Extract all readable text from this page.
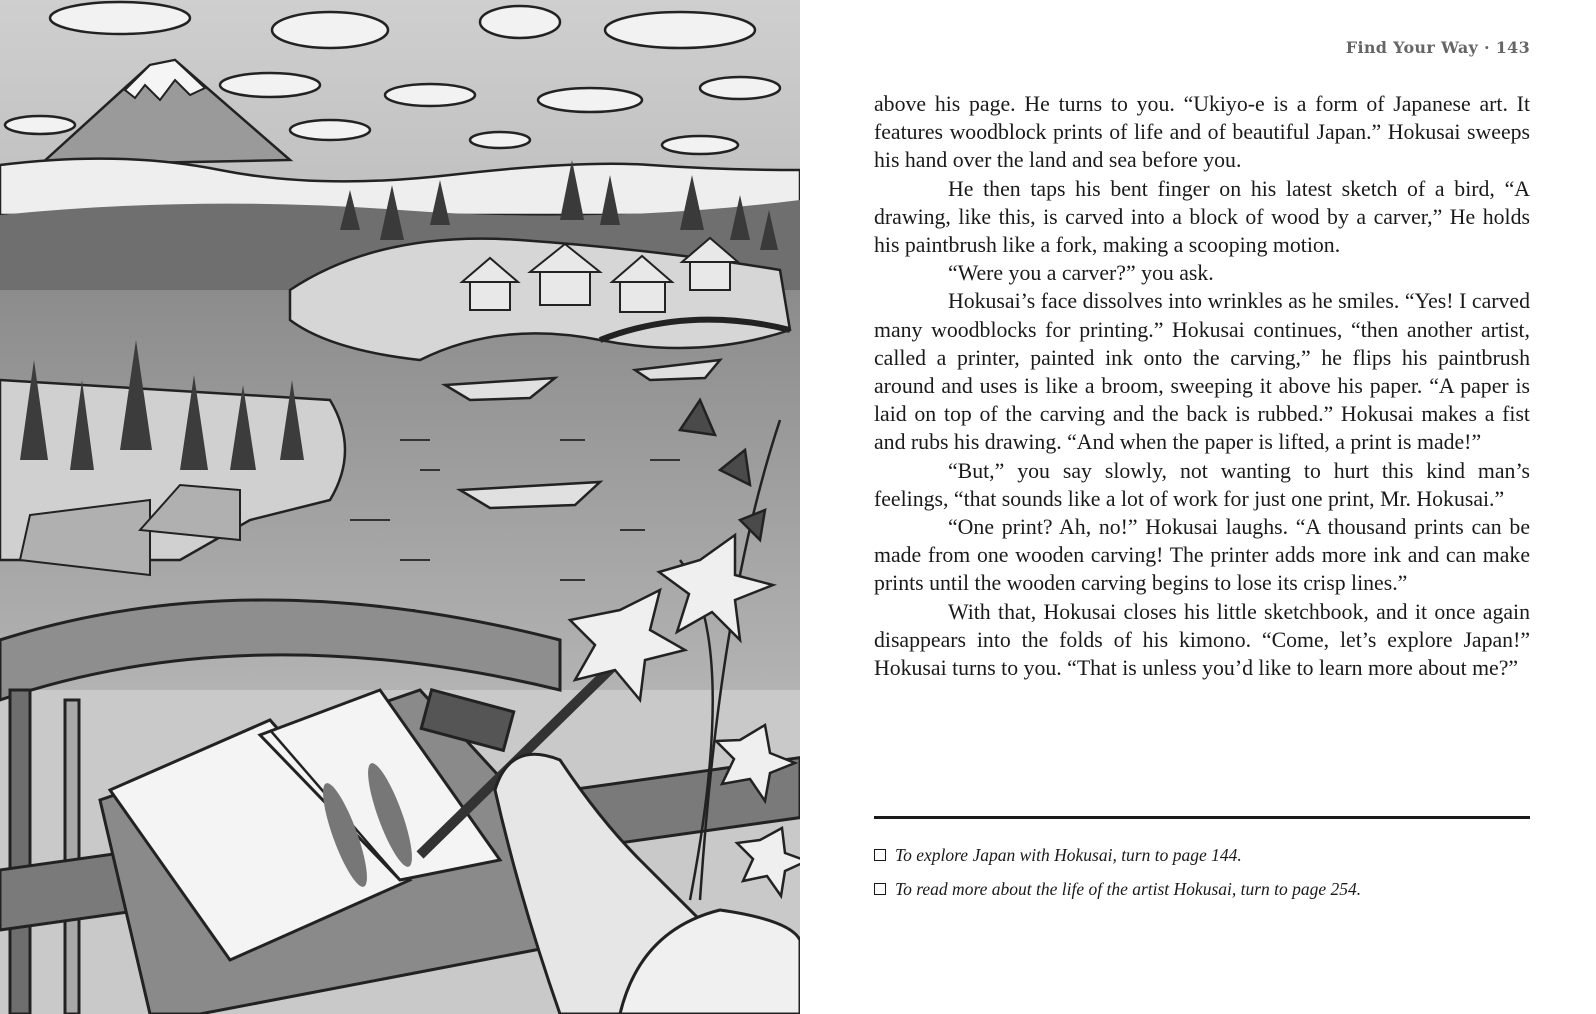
Find Your Way · 143

above his page. He turns to you. “Ukiyo-e is a form of Japanese art. It features woodblock prints of life and of beautiful Japan.” Hokusai sweeps his hand over the land and sea before you.

He then taps his bent finger on his latest sketch of a bird, “A drawing, like this, is carved into a block of wood by a carver,” He holds his paintbrush like a fork, making a scooping motion.

“Were you a carver?” you ask.

Hokusai’s face dissolves into wrinkles as he smiles. “Yes! I carved many woodblocks for printing.” Hokusai continues, “then another artist, called a printer, painted ink onto the carving,” he flips his paintbrush around and uses is like a broom, sweeping it above his paper. “A paper is laid on top of the carving and the back is rubbed.” Hokusai makes a fist and rubs his drawing. “And when the paper is lifted, a print is made!”

“But,” you say slowly, not wanting to hurt this kind man’s feelings, “that sounds like a lot of work for just one print, Mr. Hokusai.”

“One print? Ah, no!” Hokusai laughs. “A thousand prints can be made from one wooden carving! The printer adds more ink and can make prints until the wooden carving begins to lose its crisp lines.”

With that, Hokusai closes his little sketchbook, and it once again disappears into the folds of his kimono. “Come, let’s explore Japan!” Hokusai turns to you. “That is unless you’d like to learn more about me?”

To explore Japan with Hokusai, turn to page 144.
To read more about the life of the artist Hokusai, turn to page 254.
